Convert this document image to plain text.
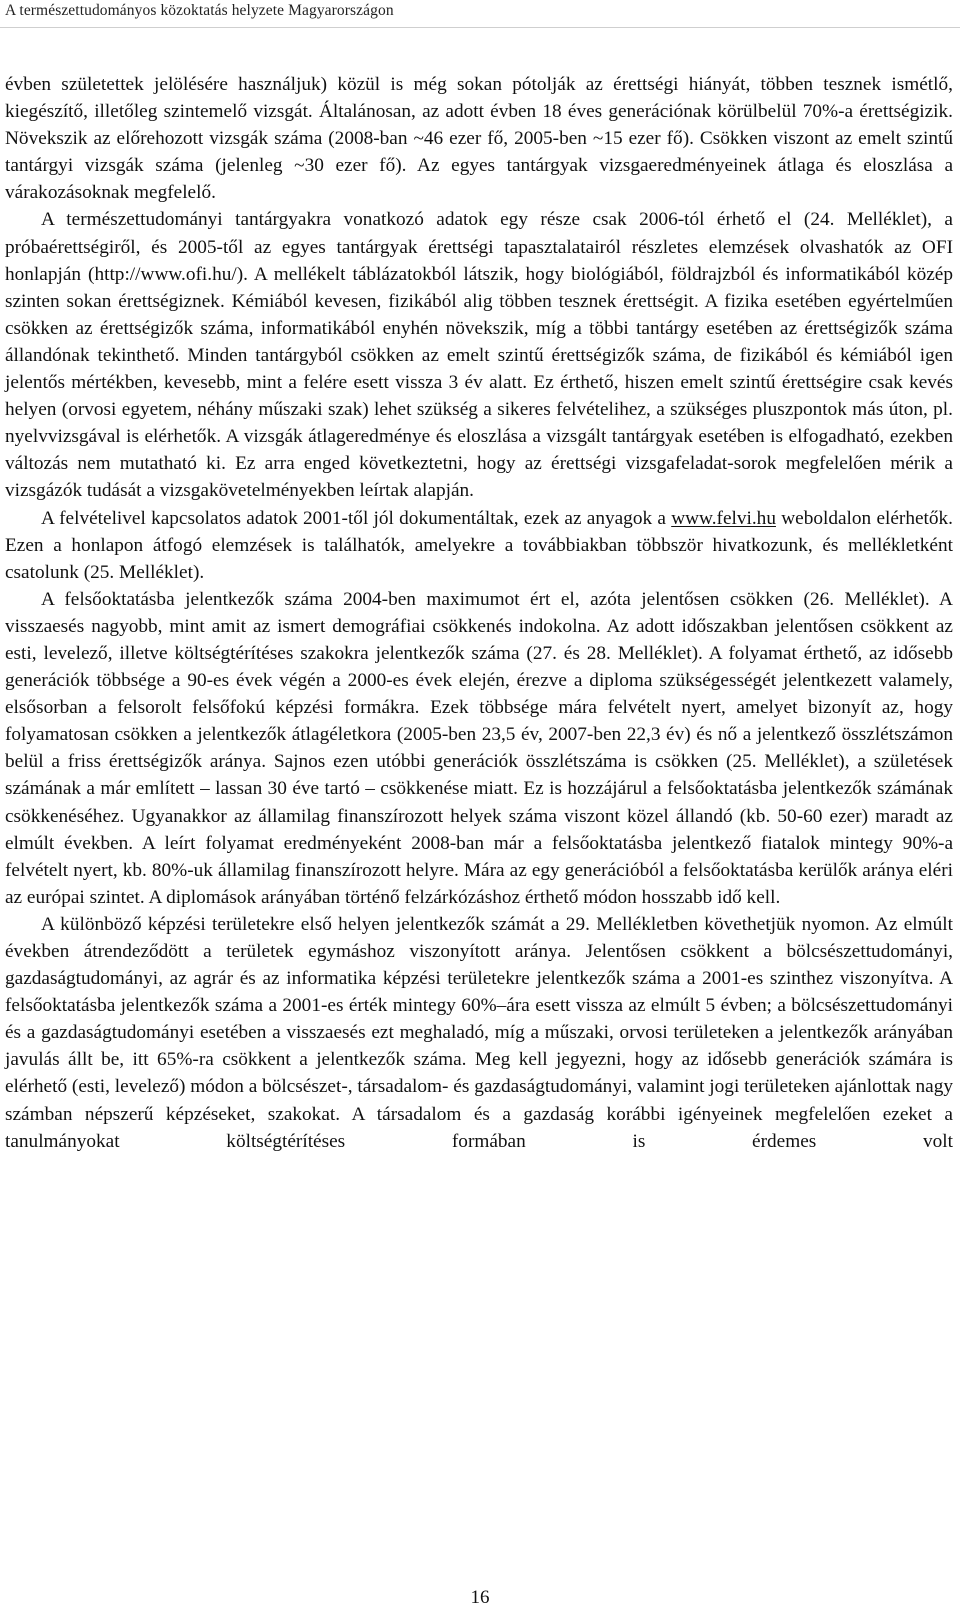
A természettudományos közoktatás helyzete Magyarországon

évben születettek jelölésére használjuk) közül is még sokan pótolják az érettségi hiányát, többen tesznek ismétlő, kiegészítő, illetőleg szintemelő vizsgát. Általánosan, az adott évben 18 éves generációnak körülbelül 70%-a érettségizik. Növekszik az előrehozott vizsgák száma (2008-ban ~46 ezer fő, 2005-ben ~15 ezer fő). Csökken viszont az emelt szintű tantárgyi vizsgák száma (jelenleg ~30 ezer fő). Az egyes tantárgyak vizsgaeredményeinek átlaga és eloszlása a várakozásoknak megfelelő.

A természettudományi tantárgyakra vonatkozó adatok egy része csak 2006-tól érhető el (24. Melléklet), a próbaérettségiről, és 2005-től az egyes tantárgyak érettségi tapasztalatairól részletes elemzések olvashatók az OFI honlapján (http://www.ofi.hu/). A mellékelt táblázatokból látszik, hogy biológiából, földrajzból és informatikából közép szinten sokan érettségiznek. Kémiából kevesen, fizikából alig többen tesznek érettségit. A fizika esetében egyértelműen csökken az érettségizők száma, informatikából enyhén növekszik, míg a többi tantárgy esetében az érettségizők száma állandónak tekinthető. Minden tantárgyból csökken az emelt szintű érettségizők száma, de fizikából és kémiából igen jelentős mértékben, kevesebb, mint a felére esett vissza 3 év alatt. Ez érthető, hiszen emelt szintű érettségire csak kevés helyen (orvosi egyetem, néhány műszaki szak) lehet szükség a sikeres felvételihez, a szükséges pluszpontok más úton, pl. nyelvvizsgával is elérhetők. A vizsgák átlageredménye és eloszlása a vizsgált tantárgyak esetében is elfogadható, ezekben változás nem mutatható ki. Ez arra enged következtetni, hogy az érettségi vizsgafeladat-sorok megfelelően mérik a vizsgázók tudását a vizsgakövetelményekben leírtak alapján.

A felvételivel kapcsolatos adatok 2001-től jól dokumentáltak, ezek az anyagok a www.felvi.hu weboldalon elérhetők. Ezen a honlapon átfogó elemzések is találhatók, amelyekre a továbbiakban többször hivatkozunk, és mellékletként csatolunk (25. Melléklet).

A felsőoktatásba jelentkezők száma 2004-ben maximumot ért el, azóta jelentősen csökken (26. Melléklet). A visszaesés nagyobb, mint amit az ismert demográfiai csökkenés indokolna. Az adott időszakban jelentősen csökkent az esti, levelező, illetve költségtérítéses szakokra jelentkezők száma (27. és 28. Melléklet). A folyamat érthető, az idősebb generációk többsége a 90-es évek végén a 2000-es évek elején, érezve a diploma szükségességét jelentkezett valamely, elsősorban a felsorolt felsőfokú képzési formákra. Ezek többsége mára felvételt nyert, amelyet bizonyít az, hogy folyamatosan csökken a jelentkezők átlagéletkora (2005-ben 23,5 év, 2007-ben 22,3 év) és nő a jelentkező összlétszámon belül a friss érettségizők aránya. Sajnos ezen utóbbi generációk összlétszáma is csökken (25. Melléklet), a születések számának a már említett – lassan 30 éve tartó – csökkenése miatt. Ez is hozzájárul a felsőoktatásba jelentkezők számának csökkenéséhez. Ugyanakkor az államilag finanszírozott helyek száma viszont közel állandó (kb. 50-60 ezer) maradt az elmúlt években. A leírt folyamat eredményeként 2008-ban már a felsőoktatásba jelentkező fiatalok mintegy 90%-a felvételt nyert, kb. 80%-uk államilag finanszírozott helyre. Mára az egy generációból a felsőoktatásba kerülők aránya eléri az európai szintet. A diplomások arányában történő felzárkózáshoz érthető módon hosszabb idő kell.

A különböző képzési területekre első helyen jelentkezők számát a 29. Mellékletben követhetjük nyomon. Az elmúlt években átrendeződött a területek egymáshoz viszonyított aránya. Jelentősen csökkent a bölcsészettudományi, gazdaságtudományi, az agrár és az informatika képzési területekre jelentkezők száma a 2001-es szinthez viszonyítva. A felsőoktatásba jelentkezők száma a 2001-es érték mintegy 60%–ára esett vissza az elmúlt 5 évben; a bölcsészettudományi és a gazdaságtudományi esetében a visszaesés ezt meghaladó, míg a műszaki, orvosi területeken a jelentkezők arányában javulás állt be, itt 65%-ra csökkent a jelentkezők száma. Meg kell jegyezni, hogy az idősebb generációk számára is elérhető (esti, levelező) módon a bölcsészet-, társadalom- és gazdaságtudományi, valamint jogi területeken ajánlottak nagy számban népszerű képzéseket, szakokat. A társadalom és a gazdaság korábbi igényeinek megfelelően ezeket a tanulmányokat költségtérítéses formában is érdemes volt

16
